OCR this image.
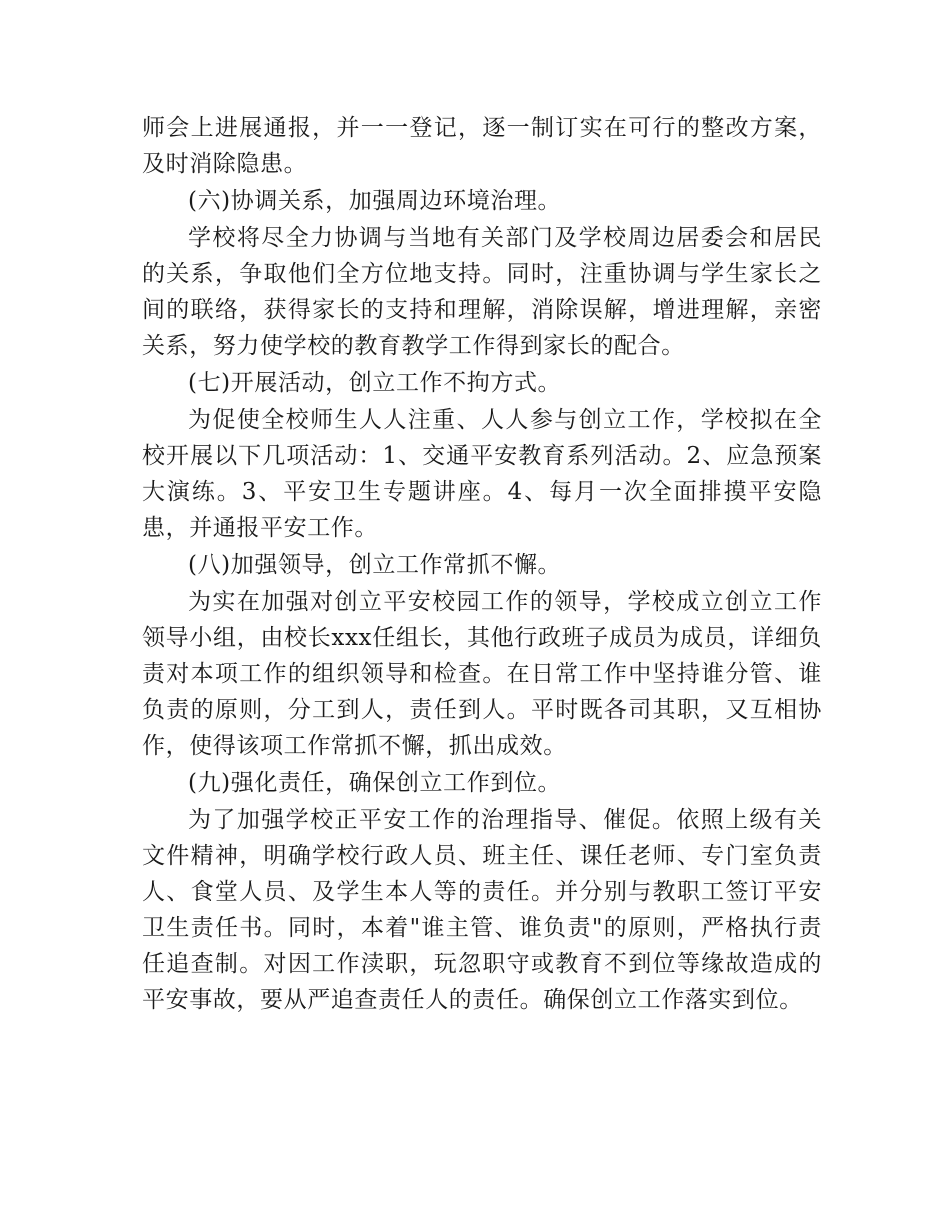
师会上进展通报，并一一登记，逐一制订实在可行的整改方案，及时消除隐患。

(六)协调关系，加强周边环境治理。

学校将尽全力协调与当地有关部门及学校周边居委会和居民的关系，争取他们全方位地支持。同时，注重协调与学生家长之间的联络，获得家长的支持和理解，消除误解，增进理解，亲密关系，努力使学校的教育教学工作得到家长的配合。

(七)开展活动，创立工作不拘方式。

为促使全校师生人人注重、人人参与创立工作，学校拟在全校开展以下几项活动：1、交通平安教育系列活动。2、应急预案大演练。3、平安卫生专题讲座。4、每月一次全面排摸平安隐患，并通报平安工作。

(八)加强领导，创立工作常抓不懈。

为实在加强对创立平安校园工作的领导，学校成立创立工作领导小组，由校长xxx任组长，其他行政班子成员为成员，详细负责对本项工作的组织领导和检查。在日常工作中坚持谁分管、谁负责的原则，分工到人，责任到人。平时既各司其职，又互相协作，使得该项工作常抓不懈，抓出成效。

(九)强化责任，确保创立工作到位。

为了加强学校正平安工作的治理指导、催促。依照上级有关文件精神，明确学校行政人员、班主任、课任老师、专门室负责人、食堂人员、及学生本人等的责任。并分别与教职工签订平安卫生责任书。同时，本着"谁主管、谁负责"的原则，严格执行责任追查制。对因工作渎职，玩忽职守或教育不到位等缘故造成的平安事故，要从严追查责任人的责任。确保创立工作落实到位。
